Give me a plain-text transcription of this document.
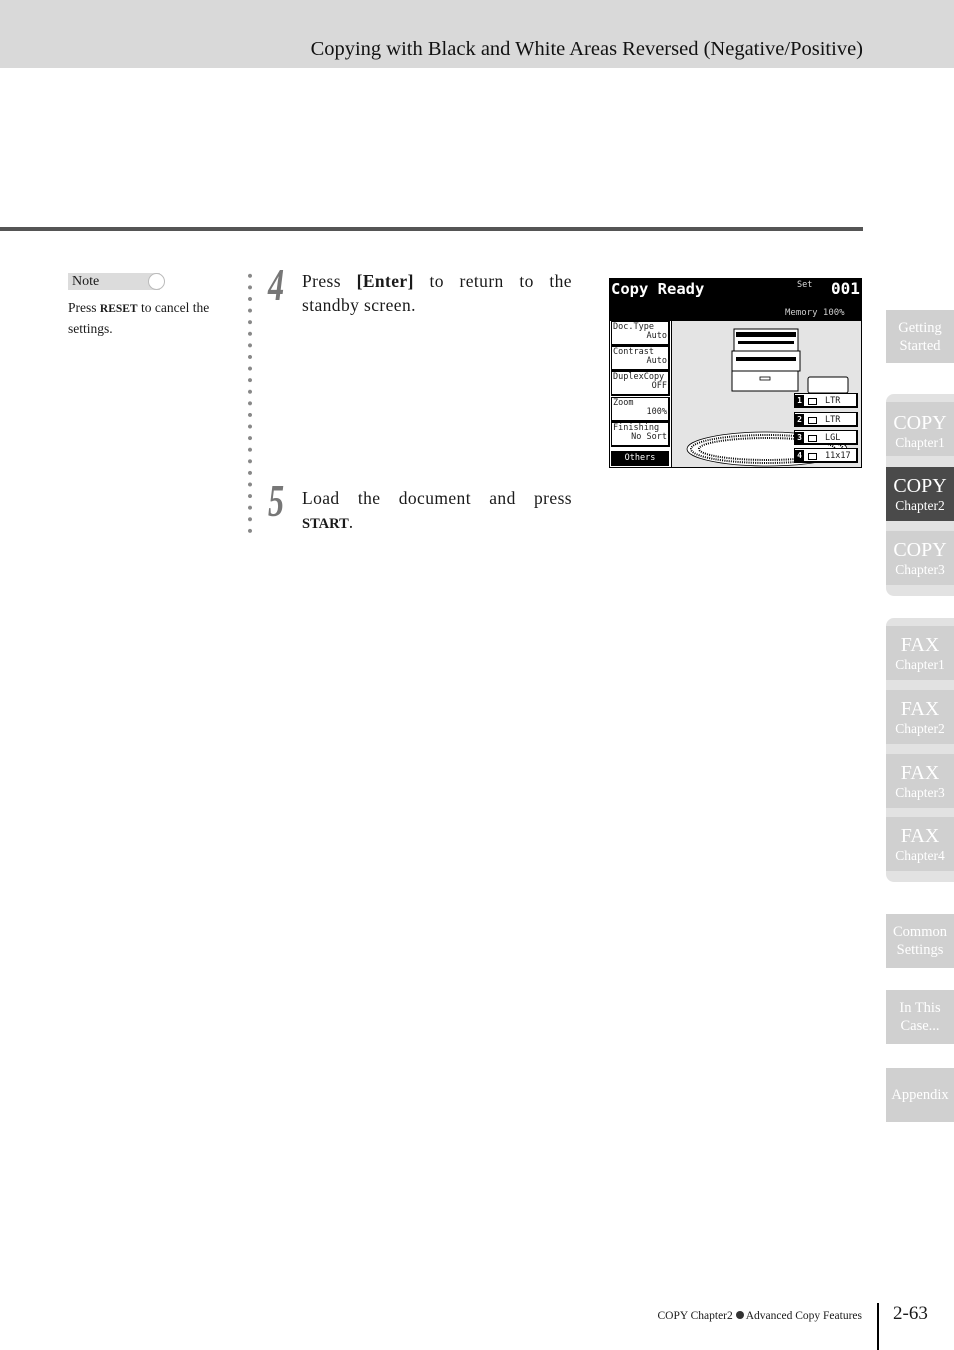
Copying with Black and White Areas Reversed (Negative/Positive)
Note
Press RESET to cancel the settings.
4 Press [Enter] to return to the standby screen.
5 Load the document and press START.
Copy Ready	Set 001
Memory 100%
Doc.Type
Auto
Contrast
Auto
DuplexCopy
OFF
Zoom
100%
Finishing
No Sort
Others
1	LTR
2	LTR
3	LGL
4	11x17
Getting Started
COPY
Chapter1
COPY
Chapter2
COPY
Chapter3
FAX
Chapter1
FAX
Chapter2
FAX
Chapter3
FAX
Chapter4
Common Settings
In This Case...
Appendix
COPY Chapter2 Advanced Copy Features 2-63
